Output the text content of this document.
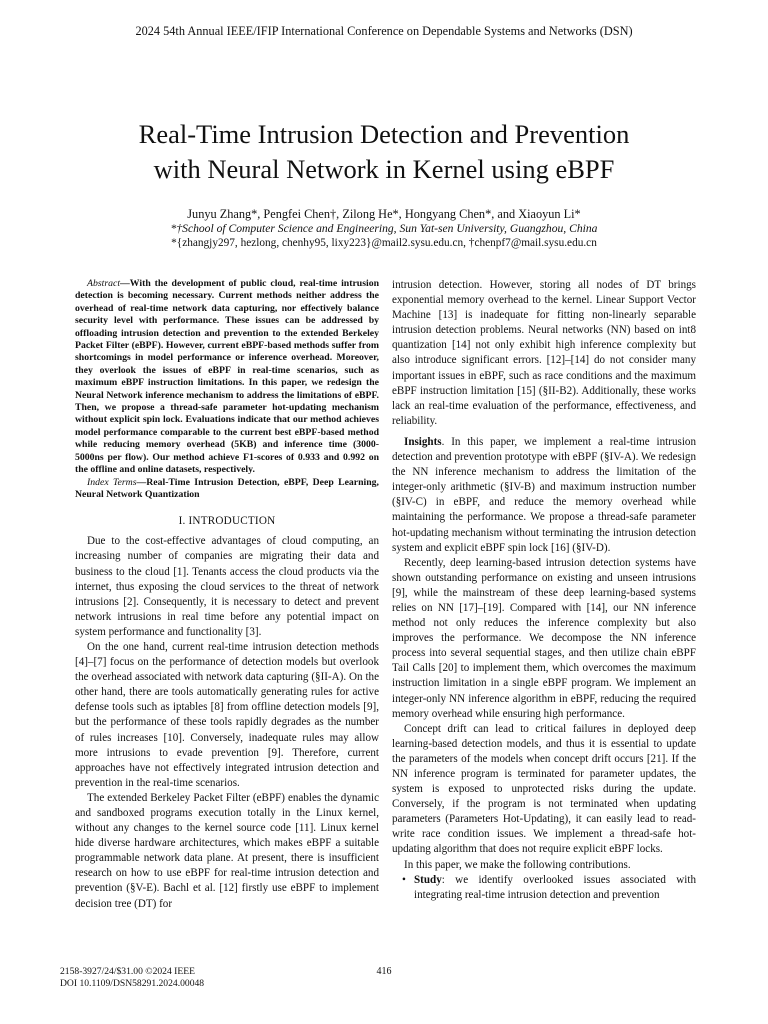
2024 54th Annual IEEE/IFIP International Conference on Dependable Systems and Networks (DSN)
Real-Time Intrusion Detection and Prevention
with Neural Network in Kernel using eBPF
Junyu Zhang*, Pengfei Chen†, Zilong He*, Hongyang Chen*, and Xiaoyun Li*
*†School of Computer Science and Engineering, Sun Yat-sen University, Guangzhou, China
*{zhangjy297, hezlong, chenhy95, lixy223}@mail2.sysu.edu.cn, †chenpf7@mail.sysu.edu.cn

Abstract—With the development of public cloud, real-time intrusion detection is becoming necessary. Current methods neither address the overhead of real-time network data capturing, nor effectively balance security level with performance. These issues can be addressed by offloading intrusion detection and prevention to the extended Berkeley Packet Filter (eBPF). However, current eBPF-based methods suffer from shortcomings in model performance or inference overhead. Moreover, they overlook the issues of eBPF in real-time scenarios, such as maximum eBPF instruction limitations. In this paper, we redesign the Neural Network inference mechanism to address the limitations of eBPF. Then, we propose a thread-safe parameter hot-updating mechanism without explicit spin lock. Evaluations indicate that our method achieves model performance comparable to the current best eBPF-based method while reducing memory overhead (5KB) and inference time (3000-5000ns per flow). Our method achieve F1-scores of 0.933 and 0.992 on the offline and online datasets, respectively.

Index Terms—Real-Time Intrusion Detection, eBPF, Deep Learning, Neural Network Quantization

I. INTRODUCTION

Due to the cost-effective advantages of cloud computing, an increasing number of companies are migrating their data and business to the cloud [1]. Tenants access the cloud products via the internet, thus exposing the cloud services to the threat of network intrusions [2]. Consequently, it is necessary to detect and prevent network intrusions in real time before any potential impact on system performance and functionality [3].

On the one hand, current real-time intrusion detection methods [4]–[7] focus on the performance of detection models but overlook the overhead associated with network data capturing (§II-A). On the other hand, there are tools automatically generating rules for active defense tools such as iptables [8] from offline detection models [9], but the performance of these tools rapidly degrades as the number of rules increases [10]. Conversely, inadequate rules may allow more intrusions to evade prevention [9]. Therefore, current approaches have not effectively integrated intrusion detection and prevention in the real-time scenarios.

The extended Berkeley Packet Filter (eBPF) enables the dynamic and sandboxed programs execution totally in the Linux kernel, without any changes to the kernel source code [11]. Linux kernel hide diverse hardware architectures, which makes eBPF a suitable programmable network data plane. At present, there is insufficient research on how to use eBPF for real-time intrusion detection and prevention (§V-E). Bachl et al. [12] firstly use eBPF to implement decision tree (DT) for

intrusion detection. However, storing all nodes of DT brings exponential memory overhead to the kernel. Linear Support Vector Machine [13] is inadequate for fitting non-linearly separable intrusion detection problems. Neural networks (NN) based on int8 quantization [14] not only exhibit high inference complexity but also introduce significant errors. [12]–[14] do not consider many important issues in eBPF, such as race conditions and the maximum eBPF instruction limitation [15] (§II-B2). Additionally, these works lack an real-time evaluation of the performance, effectiveness, and reliability.

Insights. In this paper, we implement a real-time intrusion detection and prevention prototype with eBPF (§IV-A). We redesign the NN inference mechanism to address the limitation of the integer-only arithmetic (§IV-B) and maximum instruction number (§IV-C) in eBPF, and reduce the memory overhead while maintaining the performance. We propose a thread-safe parameter hot-updating mechanism without terminating the intrusion detection system and explicit eBPF spin lock [16] (§IV-D).

Recently, deep learning-based intrusion detection systems have shown outstanding performance on existing and unseen intrusions [9], while the mainstream of these deep learning-based systems relies on NN [17]–[19]. Compared with [14], our NN inference method not only reduces the inference complexity but also improves the performance. We decompose the NN inference process into several sequential stages, and then utilize chain eBPF Tail Calls [20] to implement them, which overcomes the maximum instruction limitation in a single eBPF program. We implement an integer-only NN inference algorithm in eBPF, reducing the required memory overhead while ensuring high performance.

Concept drift can lead to critical failures in deployed deep learning-based detection models, and thus it is essential to update the parameters of the models when concept drift occurs [21]. If the NN inference program is terminated for parameter updates, the system is exposed to unprotected risks during the update. Conversely, if the program is not terminated when updating parameters (Parameters Hot-Updating), it can easily lead to read-write race condition issues. We implement a thread-safe hot-updating algorithm that does not require explicit eBPF locks.

In this paper, we make the following contributions.

• Study: we identify overlooked issues associated with integrating real-time intrusion detection and prevention

2158-3927/24/$31.00 ©2024 IEEE
DOI 10.1109/DSN58291.2024.00048
416
